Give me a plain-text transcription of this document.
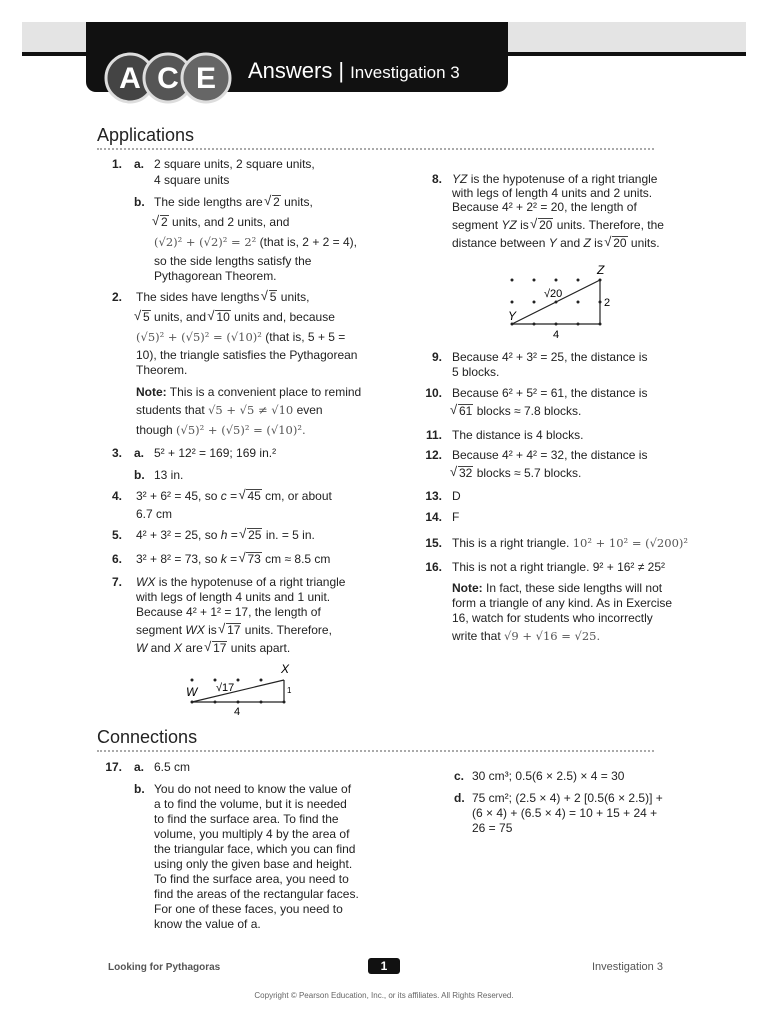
A C E Answers | Investigation 3
Applications
1. a. 2 square units, 2 square units,
4 square units
b. The side lengths are √ 2 units,
√ 2 units, and 2 units, and
(√2)² + (√2)² = 2² (that is, 2 + 2 = 4),
so the side lengths satisfy the
Pythagorean Theorem.
2. The sides have lengths √ 5 units,
√ 5 units, and √ 10 units and, because
(√5)² + (√5)² = (√10)² (that is, 5 + 5 =
10), the triangle satisfies the Pythagorean
Theorem.
Note: This is a convenient place to remind
students that √5 + √5 ≠ √10 even
though (√5)² + (√5)² = (√10)².
3. a. 5² + 12² = 169; 169 in.²
b. 13 in.
4. 3² + 6² = 45, so c = √ 45 cm, or about
6.7 cm
5. 4² + 3² = 25, so h = √ 25 in. = 5 in.
6. 3² + 8² = 73, so k = √ 73 cm ≈ 8.5 cm
7. WX is the hypotenuse of a right triangle
with legs of length 4 units and 1 unit.
Because 4² + 1² = 17, the length of
segment WX is √ 17 units. Therefore,
W and X are √ 17 units apart.
X
W √17
4
1
8. YZ is the hypotenuse of a right triangle
with legs of length 4 units and 2 units.
Because 4² + 2² = 20, the length of
segment YZ is √ 20 units. Therefore, the
distance between Y and Z is √ 20 units.
Z
Y
√20
4
2
9. Because 4² + 3² = 25, the distance is
5 blocks.
10. Because 6² + 5² = 61, the distance is
√ 61 blocks ≈ 7.8 blocks.
11. The distance is 4 blocks.
12. Because 4² + 4² = 32, the distance is
√ 32 blocks ≈ 5.7 blocks.
13. D
14. F
15. This is a right triangle. 10² + 10² = (√200)²
16. This is not a right triangle. 9² + 16² ≠ 25²
Note: In fact, these side lengths will not
form a triangle of any kind. As in Exercise
16, watch for students who incorrectly
write that √9 + √16 = √25.
Connections
17. a. 6.5 cm
b. You do not need to know the value of
a to find the volume, but it is needed
to find the surface area. To find the
volume, you multiply 4 by the area of
the triangular face, which you can find
using only the given base and height.
To find the surface area, you need to
find the areas of the rectangular faces.
For one of these faces, you need to
know the value of a.
c. 30 cm³; 0.5(6 × 2.5) × 4 = 30
d. 75 cm²; (2.5 × 4) + 2 [0.5(6 × 2.5)] +
(6 × 4) + (6.5 × 4) = 10 + 15 + 24 +
26 = 75
Looking for Pythagoras	1	Investigation 3
Copyright © Pearson Education, Inc., or its affiliates. All Rights Reserved.
